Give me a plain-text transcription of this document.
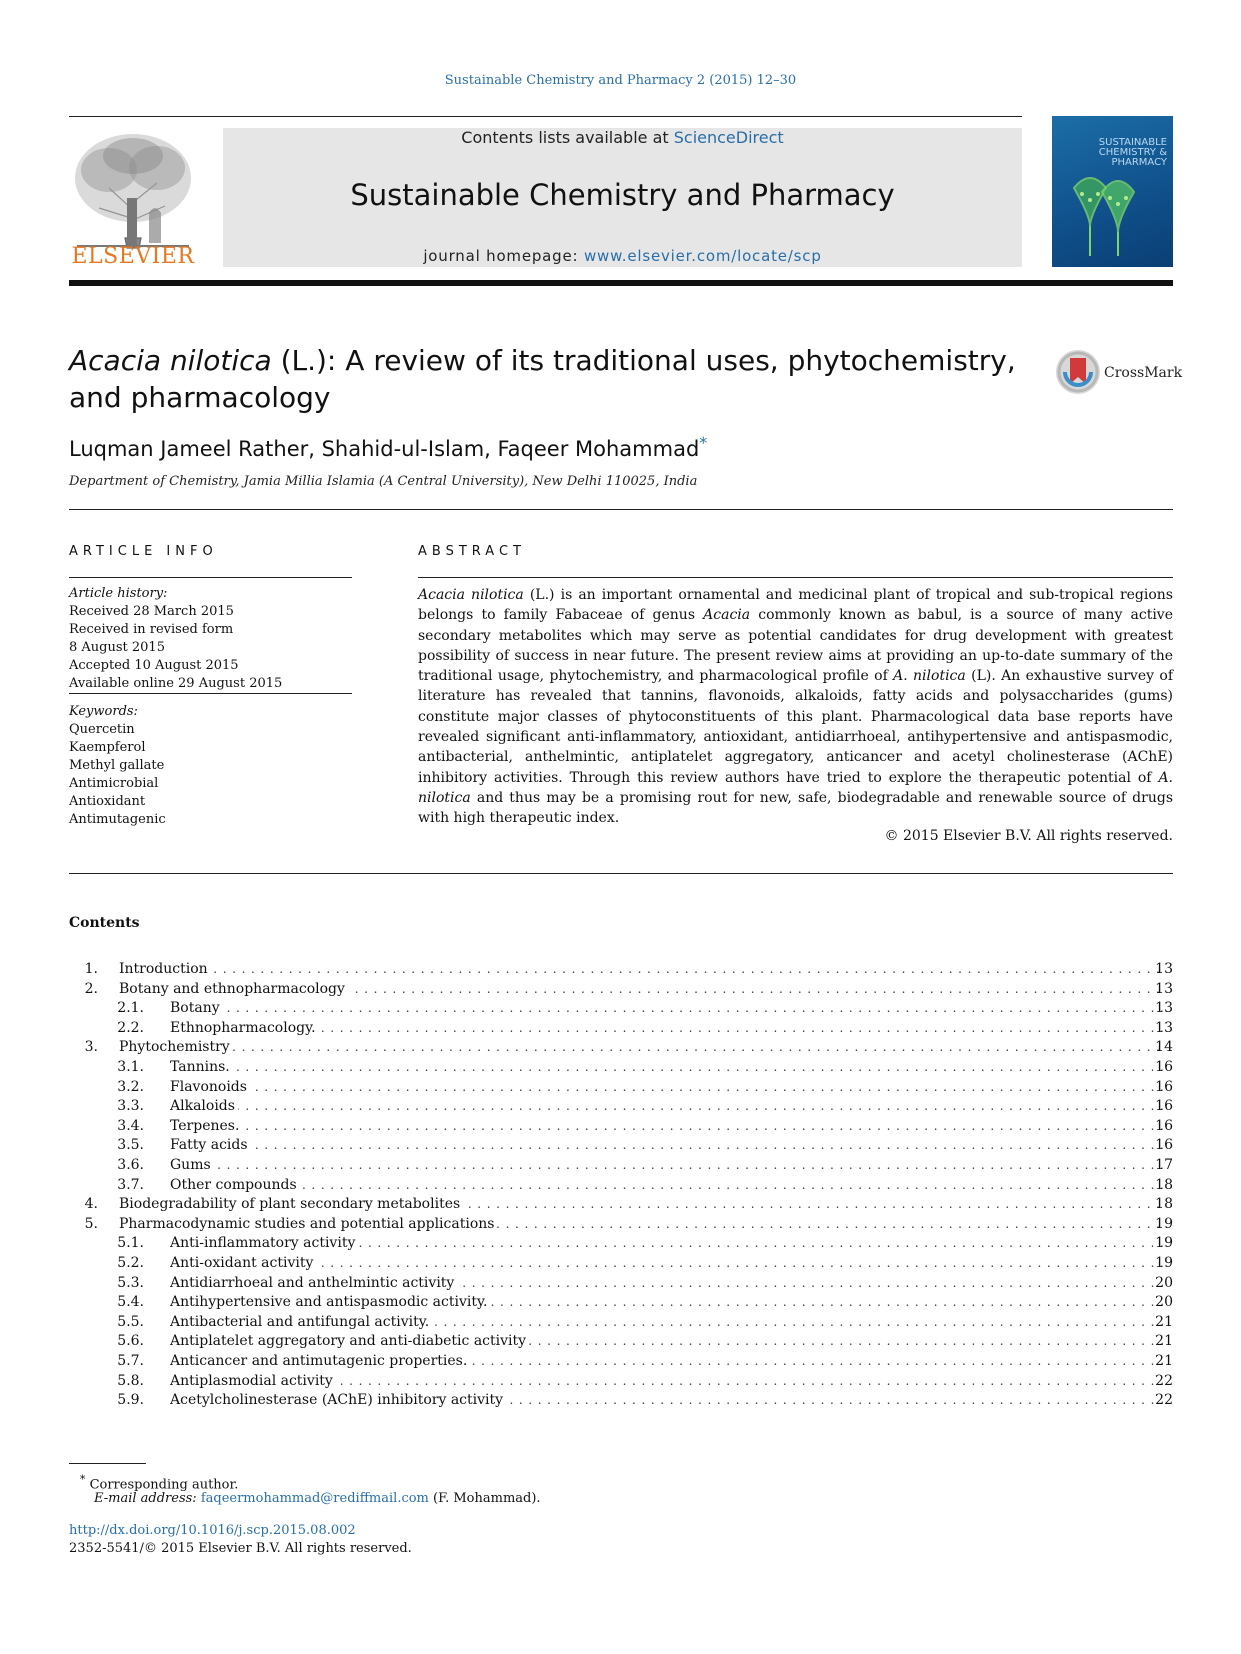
Sustainable Chemistry and Pharmacy 2 (2015) 12–30
ELSEVIER
Contents lists available at ScienceDirect
Sustainable Chemistry and Pharmacy
journal homepage: www.elsevier.com/locate/scp
SUSTAINABLE CHEMISTRY & PHARMACY
Acacia nilotica (L.): A review of its traditional uses, phytochemistry, and pharmacology
CrossMark
Luqman Jameel Rather, Shahid-ul-Islam, Faqeer Mohammad*
Department of Chemistry, Jamia Millia Islamia (A Central University), New Delhi 110025, India
ARTICLE INFO	ABSTRACT
Article history:
Received 28 March 2015
Received in revised form
8 August 2015
Accepted 10 August 2015
Available online 29 August 2015
Keywords:
Quercetin
Kaempferol
Methyl gallate
Antimicrobial
Antioxidant
Antimutagenic
Acacia nilotica (L.) is an important ornamental and medicinal plant of tropical and sub-tropical regions belongs to family Fabaceae of genus Acacia commonly known as babul, is a source of many active secondary metabolites which may serve as potential candidates for drug development with greatest possibility of success in near future. The present review aims at providing an up-to-date summary of the traditional usage, phytochemistry, and pharmacological profile of A. nilotica (L). An exhaustive survey of literature has revealed that tannins, flavonoids, alkaloids, fatty acids and polysaccharides (gums) constitute major classes of phytoconstituents of this plant. Pharmacological data base reports have revealed significant anti-inflammatory, antioxidant, antidiarrhoeal, antihypertensive and antispasmodic, antibacterial, anthelmintic, antiplatelet aggregatory, anticancer and acetyl cholinesterase (AChE) inhibitory activities. Through this review authors have tried to explore the therapeutic potential of A. nilotica and thus may be a promising rout for new, safe, biodegradable and renewable source of drugs with high therapeutic index.
© 2015 Elsevier B.V. All rights reserved.
Contents
1. Introduction . . .	13
2. Botany and ethnopharmacology . . .	13
2.1. Botany . . .	13
2.2. Ethnopharmacology. . . .	13
3. Phytochemistry . . .	14
3.1. Tannins. . . .	16
3.2. Flavonoids . . .	16
3.3. Alkaloids . . .	16
3.4. Terpenes. . . .	16
3.5. Fatty acids . . .	16
3.6. Gums . . .	17
3.7. Other compounds . . .	18
4. Biodegradability of plant secondary metabolites . . .	18
5. Pharmacodynamic studies and potential applications . . .	19
5.1. Anti-inflammatory activity . . .	19
5.2. Anti-oxidant activity . . .	19
5.3. Antidiarrhoeal and anthelmintic activity . . .	20
5.4. Antihypertensive and antispasmodic activity. . . .	20
5.5. Antibacterial and antifungal activity. . . .	21
5.6. Antiplatelet aggregatory and anti-diabetic activity . . .	21
5.7. Anticancer and antimutagenic properties. . . .	21
5.8. Antiplasmodial activity . . .	22
5.9. Acetylcholinesterase (AChE) inhibitory activity . . .	22
* Corresponding author.
E-mail address: faqeermohammad@rediffmail.com (F. Mohammad).
http://dx.doi.org/10.1016/j.scp.2015.08.002
2352-5541/© 2015 Elsevier B.V. All rights reserved.
